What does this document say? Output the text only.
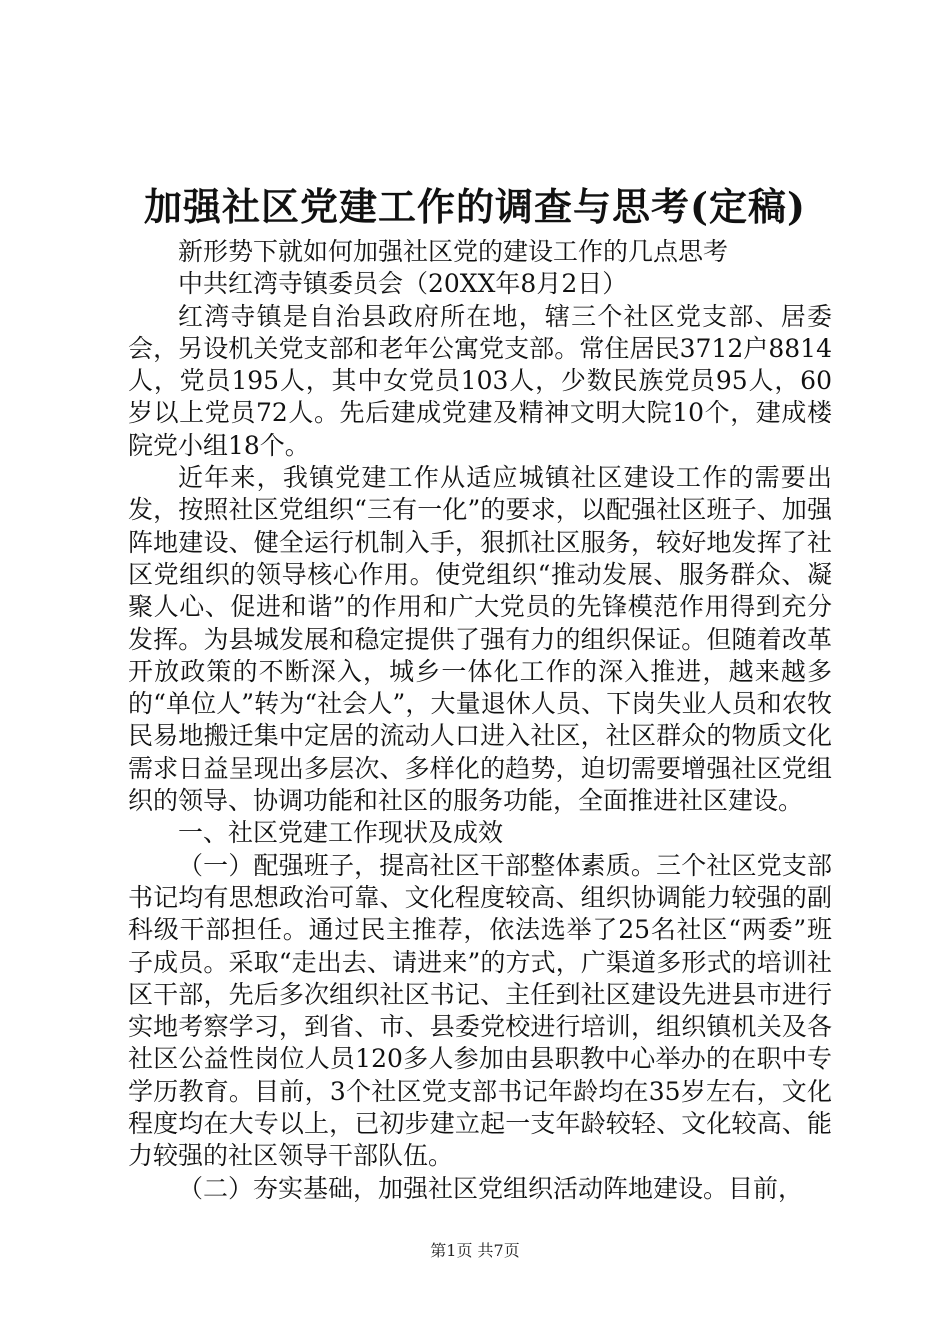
加强社区党建工作的调查与思考(定稿)

新形势下就如何加强社区党的建设工作的几点思考

中共红湾寺镇委员会（20XX年8月2日）

红湾寺镇是自治县政府所在地，辖三个社区党支部、居委会，另设机关党支部和老年公寓党支部。常住居民3712户8814人，党员195人，其中女党员103人，少数民族党员95人，60岁以上党员72人。先后建成党建及精神文明大院10个，建成楼院党小组18个。

近年来，我镇党建工作从适应城镇社区建设工作的需要出发，按照社区党组织“三有一化”的要求，以配强社区班子、加强阵地建设、健全运行机制入手，狠抓社区服务，较好地发挥了社区党组织的领导核心作用。使党组织“推动发展、服务群众、凝聚人心、促进和谐”的作用和广大党员的先锋模范作用得到充分发挥。为县城发展和稳定提供了强有力的组织保证。但随着改革开放政策的不断深入，城乡一体化工作的深入推进，越来越多的“单位人”转为“社会人”，大量退休人员、下岗失业人员和农牧民易地搬迁集中定居的流动人口进入社区，社区群众的物质文化需求日益呈现出多层次、多样化的趋势，迫切需要增强社区党组织的领导、协调功能和社区的服务功能，全面推进社区建设。

一、社区党建工作现状及成效

（一）配强班子，提高社区干部整体素质。三个社区党支部书记均有思想政治可靠、文化程度较高、组织协调能力较强的副科级干部担任。通过民主推荐，依法选举了25名社区“两委”班子成员。采取“走出去、请进来”的方式，广渠道多形式的培训社区干部，先后多次组织社区书记、主任到社区建设先进县市进行实地考察学习，到省、市、县委党校进行培训，组织镇机关及各社区公益性岗位人员120多人参加由县职教中心举办的在职中专学历教育。目前，3个社区党支部书记年龄均在35岁左右，文化程度均在大专以上，已初步建立起一支年龄较轻、文化较高、能力较强的社区领导干部队伍。

（二）夯实基础，加强社区党组织活动阵地建设。目前，

第1页 共7页
